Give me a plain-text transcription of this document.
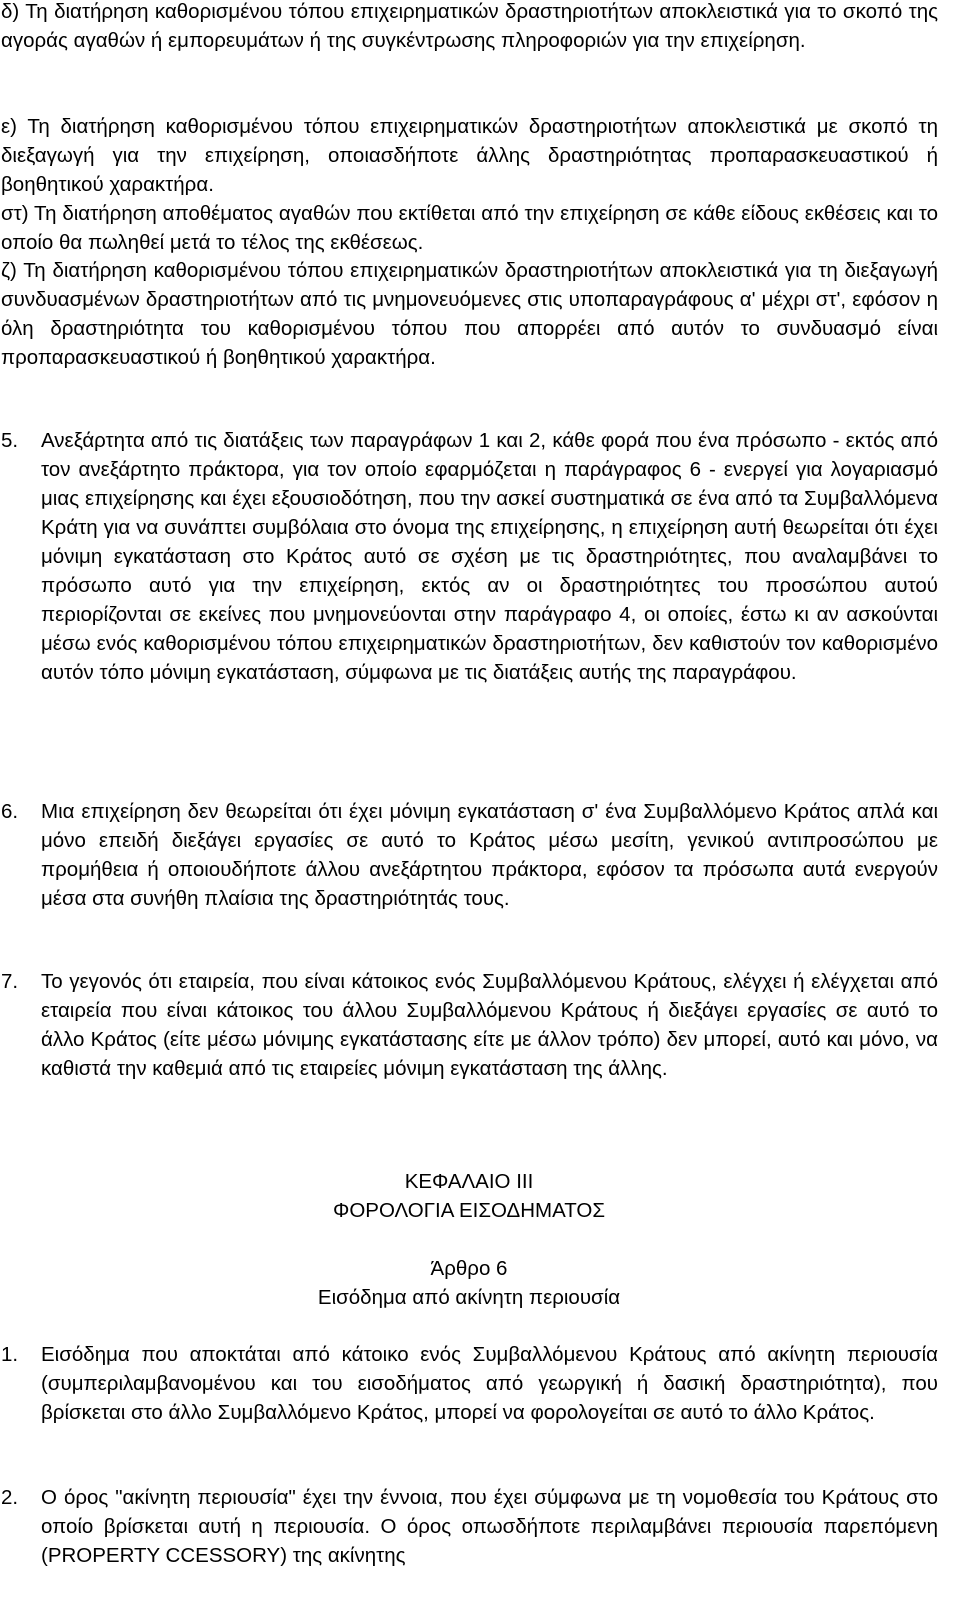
δ) Τη διατήρηση καθορισμένου τόπου επιχειρηματικών δραστηριοτήτων αποκλειστικά για το σκοπό της αγοράς αγαθών ή εμπορευμάτων ή της συγκέντρωσης πληροφοριών για την επιχείρηση.

ε) Τη διατήρηση καθορισμένου τόπου επιχειρηματικών δραστηριοτήτων αποκλειστικά με σκοπό τη διεξαγωγή για την επιχείρηση, οποιασδήποτε άλλης δραστηριότητας προπαρασκευαστικού ή βοηθητικού χαρακτήρα.

στ) Τη διατήρηση αποθέματος αγαθών που εκτίθεται από την επιχείρηση σε κάθε είδους εκθέσεις και το οποίο θα πωληθεί μετά το τέλος της εκθέσεως.

ζ) Τη διατήρηση καθορισμένου τόπου επιχειρηματικών δραστηριοτήτων αποκλειστικά για τη διεξαγωγή συνδυασμένων δραστηριοτήτων από τις μνημονευόμενες στις υποπαραγράφους α' μέχρι στ', εφόσον η όλη δραστηριότητα του καθορισμένου τόπου που απορρέει από αυτόν το συνδυασμό είναι προπαρασκευαστικού ή βοηθητικού χαρακτήρα.

5. Ανεξάρτητα από τις διατάξεις των παραγράφων 1 και 2, κάθε φορά που ένα πρόσωπο - εκτός από τον ανεξάρτητο πράκτορα, για τον οποίο εφαρμόζεται η παράγραφος 6 - ενεργεί για λογαριασμό μιας επιχείρησης και έχει εξουσιοδότηση, που την ασκεί συστηματικά σε ένα από τα Συμβαλλόμενα Κράτη για να συνάπτει συμβόλαια στο όνομα της επιχείρησης, η επιχείρηση αυτή θεωρείται ότι έχει μόνιμη εγκατάσταση στο Κράτος αυτό σε σχέση με τις δραστηριότητες, που αναλαμβάνει το πρόσωπο αυτό για την επιχείρηση, εκτός αν οι δραστηριότητες του προσώπου αυτού περιορίζονται σε εκείνες που μνημονεύονται στην παράγραφο 4, οι οποίες, έστω κι αν ασκούνται μέσω ενός καθορισμένου τόπου επιχειρηματικών δραστηριοτήτων, δεν καθιστούν τον καθορισμένο αυτόν τόπο μόνιμη εγκατάσταση, σύμφωνα με τις διατάξεις αυτής της παραγράφου.
6. Μια επιχείρηση δεν θεωρείται ότι έχει μόνιμη εγκατάσταση σ' ένα Συμβαλλόμενο Κράτος απλά και μόνο επειδή διεξάγει εργασίες σε αυτό το Κράτος μέσω μεσίτη, γενικού αντιπροσώπου με προμήθεια ή οποιουδήποτε άλλου ανεξάρτητου πράκτορα, εφόσον τα πρόσωπα αυτά ενεργούν μέσα στα συνήθη πλαίσια της δραστηριότητάς τους.
7. Το γεγονός ότι εταιρεία, που είναι κάτοικος ενός Συμβαλλόμενου Κράτους, ελέγχει ή ελέγχεται από εταιρεία που είναι κάτοικος του άλλου Συμβαλλόμενου Κράτους ή διεξάγει εργασίες σε αυτό το άλλο Κράτος (είτε μέσω μόνιμης εγκατάστασης είτε με άλλον τρόπο) δεν μπορεί, αυτό και μόνο, να καθιστά την καθεμιά από τις εταιρείες μόνιμη εγκατάσταση της άλλης.

ΚΕΦΑΛΑΙΟ ΙΙΙ

ΦΟΡΟΛΟΓΙΑ ΕΙΣΟΔΗΜΑΤΟΣ

Άρθρο 6

Εισόδημα από ακίνητη περιουσία

1. Εισόδημα που αποκτάται από κάτοικο ενός Συμβαλλόμενου Κράτους από ακίνητη περιουσία (συμπεριλαμβανομένου και του εισοδήματος από γεωργική ή δασική δραστηριότητα), που βρίσκεται στο άλλο Συμβαλλόμενο Κράτος, μπορεί να φορολογείται σε αυτό το άλλο Κράτος.
2. Ο όρος "ακίνητη περιουσία" έχει την έννοια, που έχει σύμφωνα με τη νομοθεσία του Κράτους στο οποίο βρίσκεται αυτή η περιουσία. Ο όρος οπωσδήποτε περιλαμβάνει περιουσία παρεπόμενη (PROPERTY CCESSORY) της ακίνητης
